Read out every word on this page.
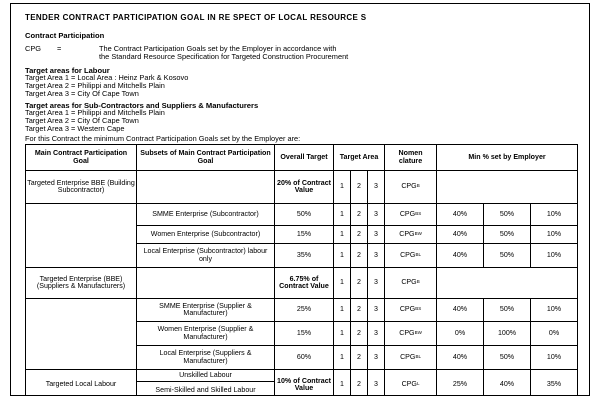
TENDER CONTRACT PARTICIPATION GOAL IN RE SPECT OF LOCAL RESOURCE S
Contract Participation
CPG =	The Contract Participation Goals set by the Employer in accordance with
the Standard Resource Specification for Targeted Construction Procurement
Target areas for Labour
Target Area 1 = Local Area : Heinz Park & Kosovo
Target Area 2 = Philippi and Mitchells Plain
Target Area 3 = City Of Cape Town
Target areas for Sub-Contractors and Suppliers & Manufacturers
Target Area 1 = Philippi and Mitchells Plain
Target Area 2 = City Of Cape Town
Target Area 3 = Western Cape
For this Contract the minimum Contract Participation Goals set by the Employer are:
Main Contract Participation Goal	Subsets of Main Contract Participation Goal	Overall Target	Target Area			Nomen clature	Min % set by Employer		
Targeted Enterprise BBE (Building Subcontractor)		20% of Contract Value	1	2	3	$CPG^B$	
	SMME Enterprise (Subcontractor)	50%	1	2	3	$CPG^{BS}$	40%	50%	10%
	Women Enterprise (Subcontractor)	15%	1	2	3	$CPG^{BW}$	40%	50%	10%
	Local Enterprise (Subcontractor) labour only	35%	1	2	3	$CPG^{BL}$	40%	50%	10%
Targeted Enterprise (BBE) (Suppliers & Manufacturers)		6.75% of Contract Value	1	2	3	$CPG^B$	
	SMME Enterprise (Supplier & Manufacturer)	25%	1	2	3	$CPG^{BS}$	40%	50%	10%
	Women Enterprise (Supplier & Manufacturer)	15%	1	2	3	$CPG^{BW}$	0%	100%	0%
	Local Enterprise (Suppliers & Manufacturer)	60%	1	2	3	$CPG^{BL}$	40%	50%	10%
Targeted Local Labour	Unskilled Labour	10% of Contract Value	1	2	3	$CPG^L$	25%	40%	35%
	Semi-Skilled and Skilled Labour								
